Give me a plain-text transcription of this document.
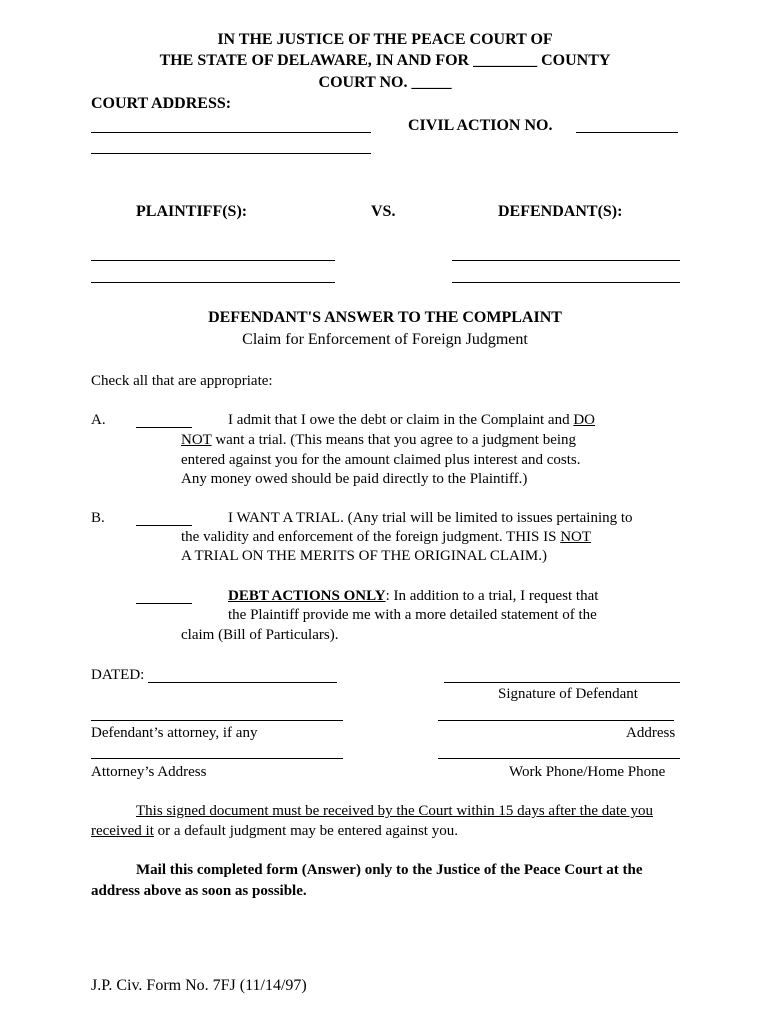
IN THE JUSTICE OF THE PEACE COURT OF
THE STATE OF DELAWARE, IN AND FOR ________ COUNTY
COURT NO. _____
COURT ADDRESS:
CIVIL ACTION NO.
PLAINTIFF(S):	VS.	DEFENDANT(S):
DEFENDANT'S ANSWER TO THE COMPLAINT
Claim for Enforcement of Foreign Judgment
Check all that are appropriate:
A.	I admit that I owe the debt or claim in the Complaint and DO
NOT want a trial. (This means that you agree to a judgment being
entered against you for the amount claimed plus interest and costs.
Any money owed should be paid directly to the Plaintiff.)
B.	I WANT A TRIAL. (Any trial will be limited to issues pertaining to
the validity and enforcement of the foreign judgment. THIS IS NOT
A TRIAL ON THE MERITS OF THE ORIGINAL CLAIM.)
DEBT ACTIONS ONLY: In addition to a trial, I request that
the Plaintiff provide me with a more detailed statement of the
claim (Bill of Particulars).
DATED:
Signature of Defendant
Defendant’s attorney, if any	Address
Attorney’s Address	Work Phone/Home Phone
This signed document must be received by the Court within 15 days after the date you
received it or a default judgment may be entered against you.
Mail this completed form (Answer) only to the Justice of the Peace Court at the
address above as soon as possible.
J.P. Civ. Form No. 7FJ (11/14/97)
